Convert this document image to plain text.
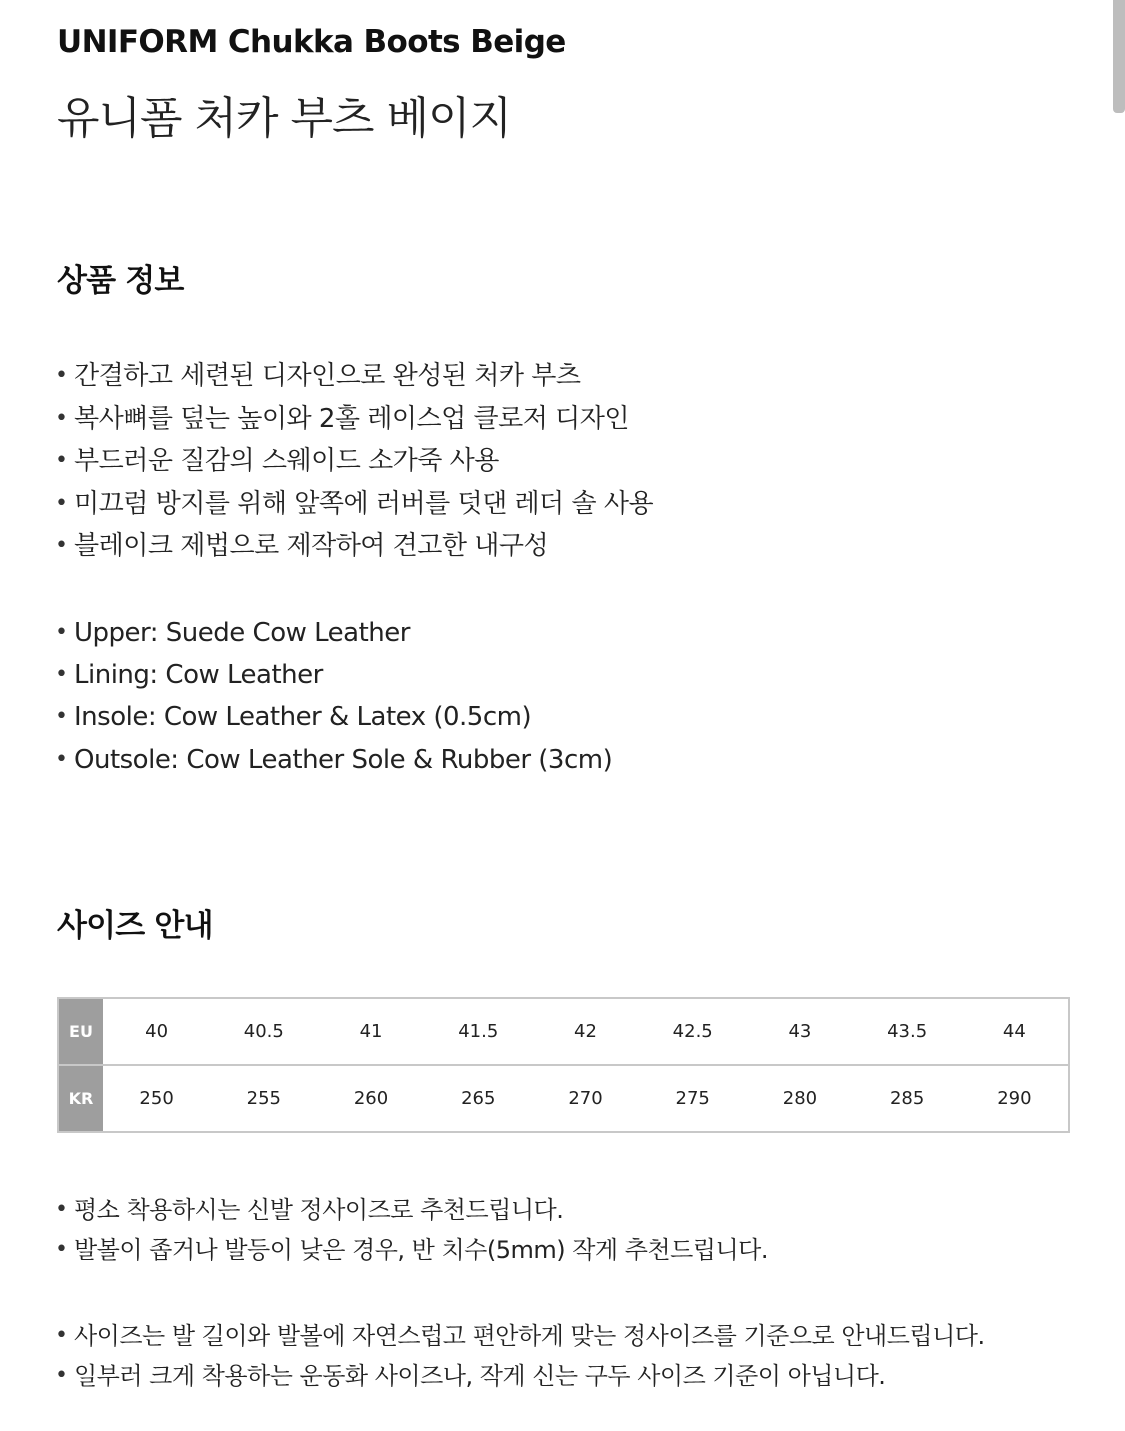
UNIFORM Chukka Boots Beige
유니폼 처카 부츠 베이지
상품 정보
• 간결하고 세련된 디자인으로 완성된 처카 부츠
• 복사뼈를 덮는 높이와 2홀 레이스업 클로저 디자인
• 부드러운 질감의 스웨이드 소가죽 사용
• 미끄럼 방지를 위해 앞쪽에 러버를 덧댄 레더 솔 사용
• 블레이크 제법으로 제작하여 견고한 내구성
• Upper: Suede Cow Leather
• Lining: Cow Leather
• Insole: Cow Leather & Latex (0.5cm)
• Outsole: Cow Leather Sole & Rubber (3cm)
사이즈 안내
EU	40	40.5	41	41.5	42	42.5	43	43.5	44
KR	250	255	260	265	270	275	280	285	290
• 평소 착용하시는 신발 정사이즈로 추천드립니다.
• 발볼이 좁거나 발등이 낮은 경우, 반 치수(5mm) 작게 추천드립니다.
• 사이즈는 발 길이와 발볼에 자연스럽고 편안하게 맞는 정사이즈를 기준으로 안내드립니다.
• 일부러 크게 착용하는 운동화 사이즈나, 작게 신는 구두 사이즈 기준이 아닙니다.
